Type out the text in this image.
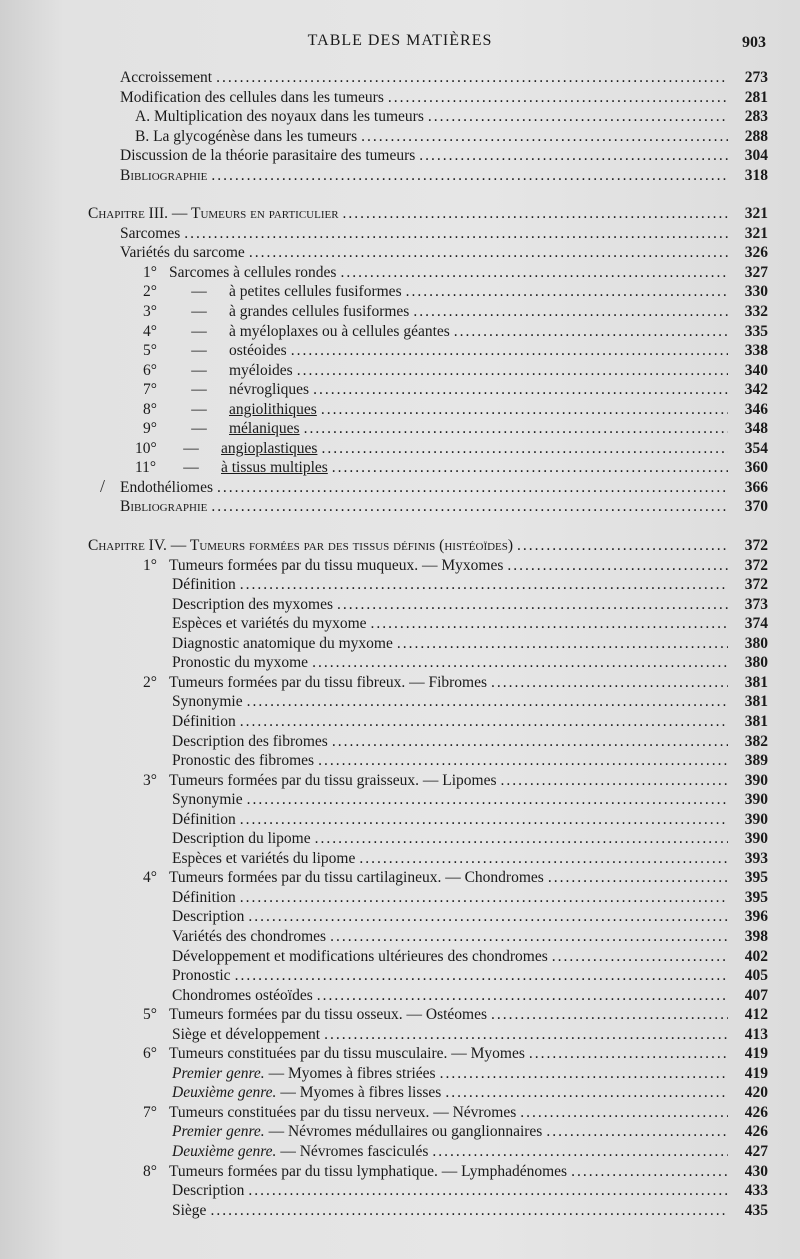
TABLE DES MATIÈRES	903
Accroissement .....	273
Modification des cellules dans les tumeurs .....	281
A. Multiplication des noyaux dans les tumeurs .....	283
B. La glycogénèse dans les tumeurs .....	288
Discussion de la théorie parasitaire des tumeurs .....	304
Bibliographie .....	318
Chapitre III. — Tumeurs en particulier .....	321
Sarcomes .....	321
Variétés du sarcome .....	326
1° Sarcomes à cellules rondes .....	327
2° — à petites cellules fusiformes .....	330
3° — à grandes cellules fusiformes .....	332
4° — à myéloplaxes ou à cellules géantes .....	335
5° — ostéoides .....	338
6° — myéloides .....	340
7° — névrogliques .....	342
8° — angiolithiques .....	346
9° — mélaniques .....	348
10° — angioplastiques .....	354
11° — à tissus multiples .....	360
Endothéliomes .....	366
Bibliographie .....	370
Chapitre IV. — Tumeurs formées par des tissus définis (histéoïdes) .....	372
1° Tumeurs formées par du tissu muqueux. — Myxomes .....	372
Définition .....	372
Description des myxomes .....	373
Espèces et variétés du myxome .....	374
Diagnostic anatomique du myxome .....	380
Pronostic du myxome .....	380
2° Tumeurs formées par du tissu fibreux. — Fibromes .....	381
Synonymie .....	381
Définition .....	381
Description des fibromes .....	382
Pronostic des fibromes .....	389
3° Tumeurs formées par du tissu graisseux. — Lipomes .....	390
Synonymie .....	390
Définition .....	390
Description du lipome .....	390
Espèces et variétés du lipome .....	393
4° Tumeurs formées par du tissu cartilagineux. — Chondromes .....	395
Définition .....	395
Description .....	396
Variétés des chondromes .....	398
Développement et modifications ultérieures des chondromes .....	402
Pronostic .....	405
Chondromes ostéoïdes .....	407
5° Tumeurs formées par du tissu osseux. — Ostéomes .....	412
Siège et développement .....	413
6° Tumeurs constituées par du tissu musculaire. — Myomes .....	419
Premier genre. — Myomes à fibres striées .....	419
Deuxième genre. — Myomes à fibres lisses .....	420
7° Tumeurs constituées par du tissu nerveux. — Névromes .....	426
Premier genre. — Névromes médullaires ou ganglionnaires .....	426
Deuxième genre. — Névromes fasciculés .....	427
8° Tumeurs formées par du tissu lymphatique. — Lymphadénomes .....	430
Description .....	433
Siège .....	435
/
